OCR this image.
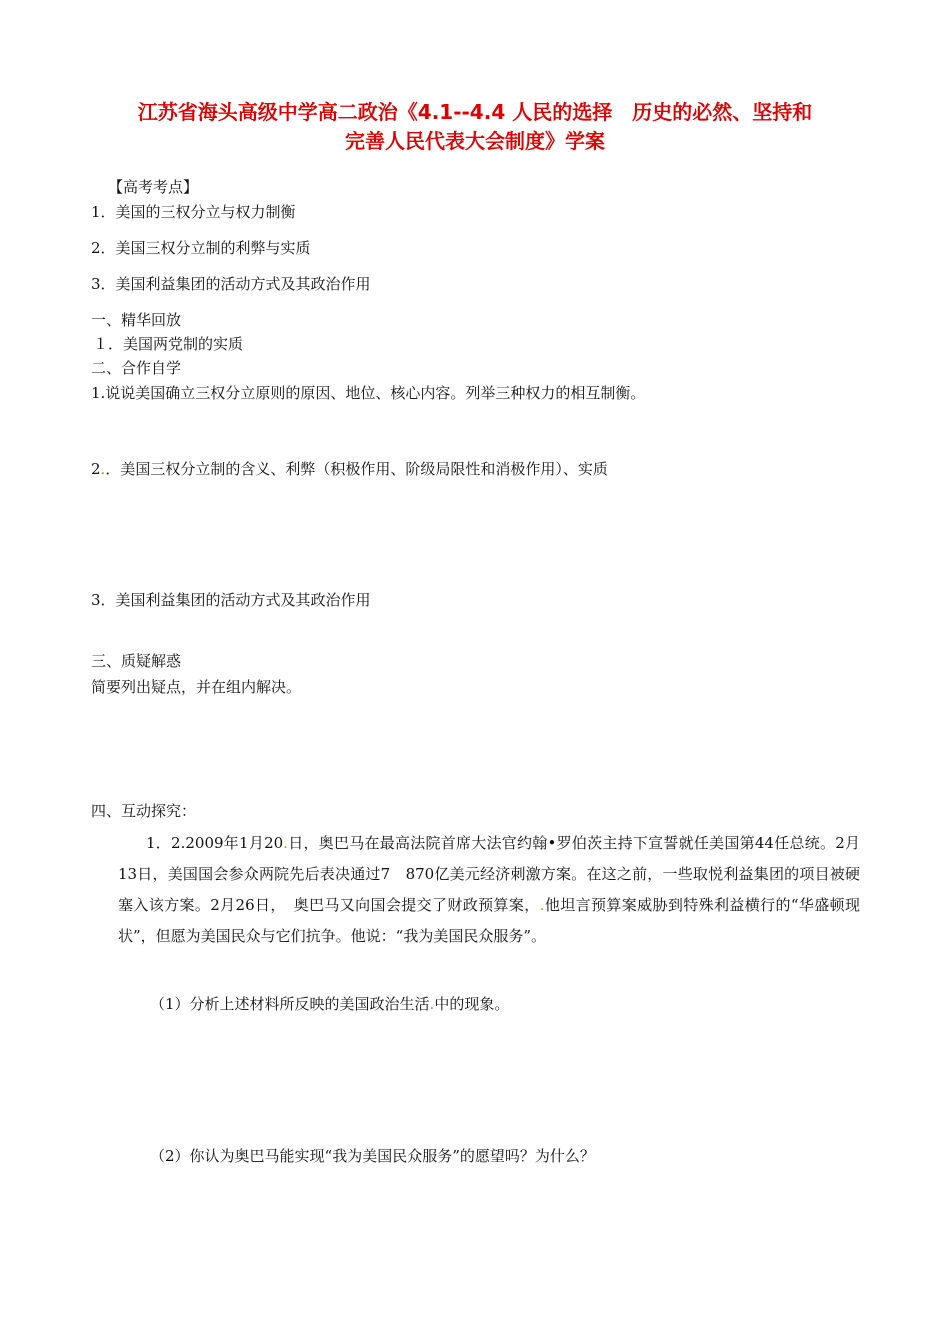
江苏省海头高级中学高二政治《4.1--4.4 人民的选择　历史的必然、坚持和
完善人民代表大会制度》学案
【高考考点】
1．美国的三权分立与权力制衡
2．美国三权分立制的利弊与实质
3．美国利益集团的活动方式及其政治作用
一、精华回放
１．美国两党制的实质
二、合作自学
1.说说美国确立三权分立原则的原因、地位、核心内容。列举三种权力的相互制衡。
2.．美国三权分立制的含义、利弊（积极作用、阶级局限性和消极作用）、实质
3．美国利益集团的活动方式及其政治作用
三、质疑解惑
简要列出疑点，并在组内解决。
四、互动探究：
1．2.2009年1月20.日，奥巴马在最高法院首席大法官约翰•罗伯茨主持下宣誓就任美国第44任总统。2月13日，美国国会参众两院先后表决通过7　870亿美元经济刺激方案。在这之前，一些取悦利益集团的项目被硬塞入该方案。2月26日，　奥巴马又向国会提交了财政预算案，.他坦言预算案威胁到特殊利益横行的“华盛顿现状”，但愿为美国民众与它们抗争。他说：“我为美国民众服务”。
（1）分析上述材料所反映的美国政治生活.中的现象。
（2）你认为奥巴马能实现“我为美国民众服务”的愿望吗？为什么？
